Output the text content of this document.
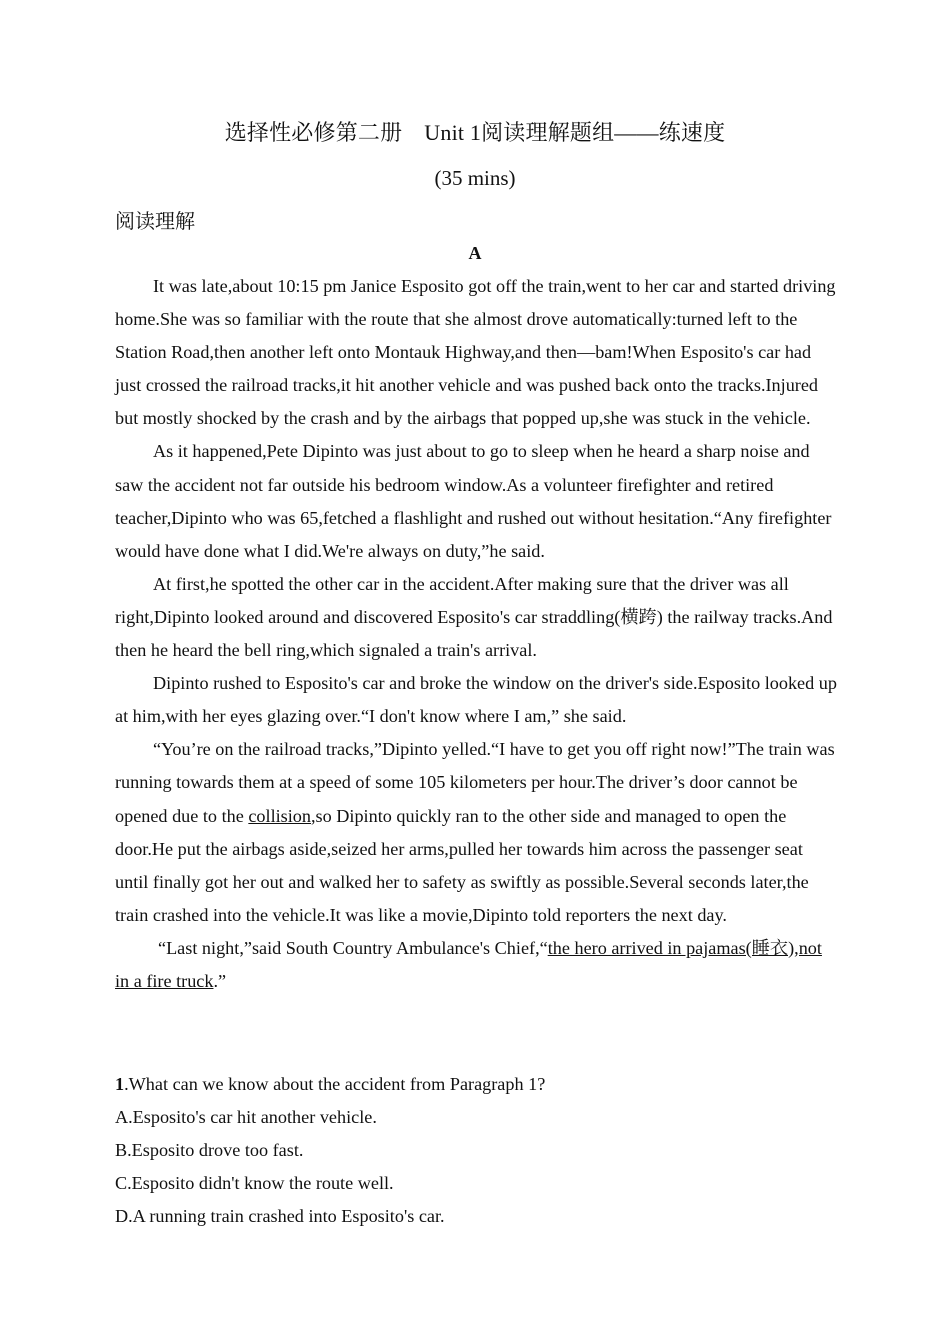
选择性必修第二册 Unit 1阅读理解题组——练速度
(35 mins)
阅读理解
A

It was late,about 10:15 pm Janice Esposito got off the train,went to her car and started driving home.She was so familiar with the route that she almost drove automatically:turned left to the Station Road,then another left onto Montauk Highway,and then—bam!When Esposito's car had just crossed the railroad tracks,it hit another vehicle and was pushed back onto the tracks.Injured but mostly shocked by the crash and by the airbags that popped up,she was stuck in the vehicle.

As it happened,Pete Dipinto was just about to go to sleep when he heard a sharp noise and saw the accident not far outside his bedroom window.As a volunteer firefighter and retired teacher,Dipinto who was 65,fetched a flashlight and rushed out without hesitation.“Any firefighter would have done what I did.We're always on duty,”he said.

At first,he spotted the other car in the accident.After making sure that the driver was all right,Dipinto looked around and discovered Esposito's car straddling(横跨) the railway tracks.And then he heard the bell ring,which signaled a train's arrival.

Dipinto rushed to Esposito's car and broke the window on the driver's side.Esposito looked up at him,with her eyes glazing over.“I don't know where I am,” she said.

“You’re on the railroad tracks,”Dipinto yelled.“I have to get you off right now!”The train was running towards them at a speed of some 105 kilometers per hour.The driver’s door cannot be opened due to the collision,so Dipinto quickly ran to the other side and managed to open the door.He put the airbags aside,seized her arms,pulled her towards him across the passenger seat until finally got her out and walked her to safety as swiftly as possible.Several seconds later,the train crashed into the vehicle.It was like a movie,Dipinto told reporters the next day.

“Last night,”said South Country Ambulance's Chief,“the hero arrived in pajamas(睡衣),not in a fire truck.”

1.What can we know about the accident from Paragraph 1?
A.Esposito's car hit another vehicle.
B.Esposito drove too fast.
C.Esposito didn't know the route well.
D.A running train crashed into Esposito's car.
